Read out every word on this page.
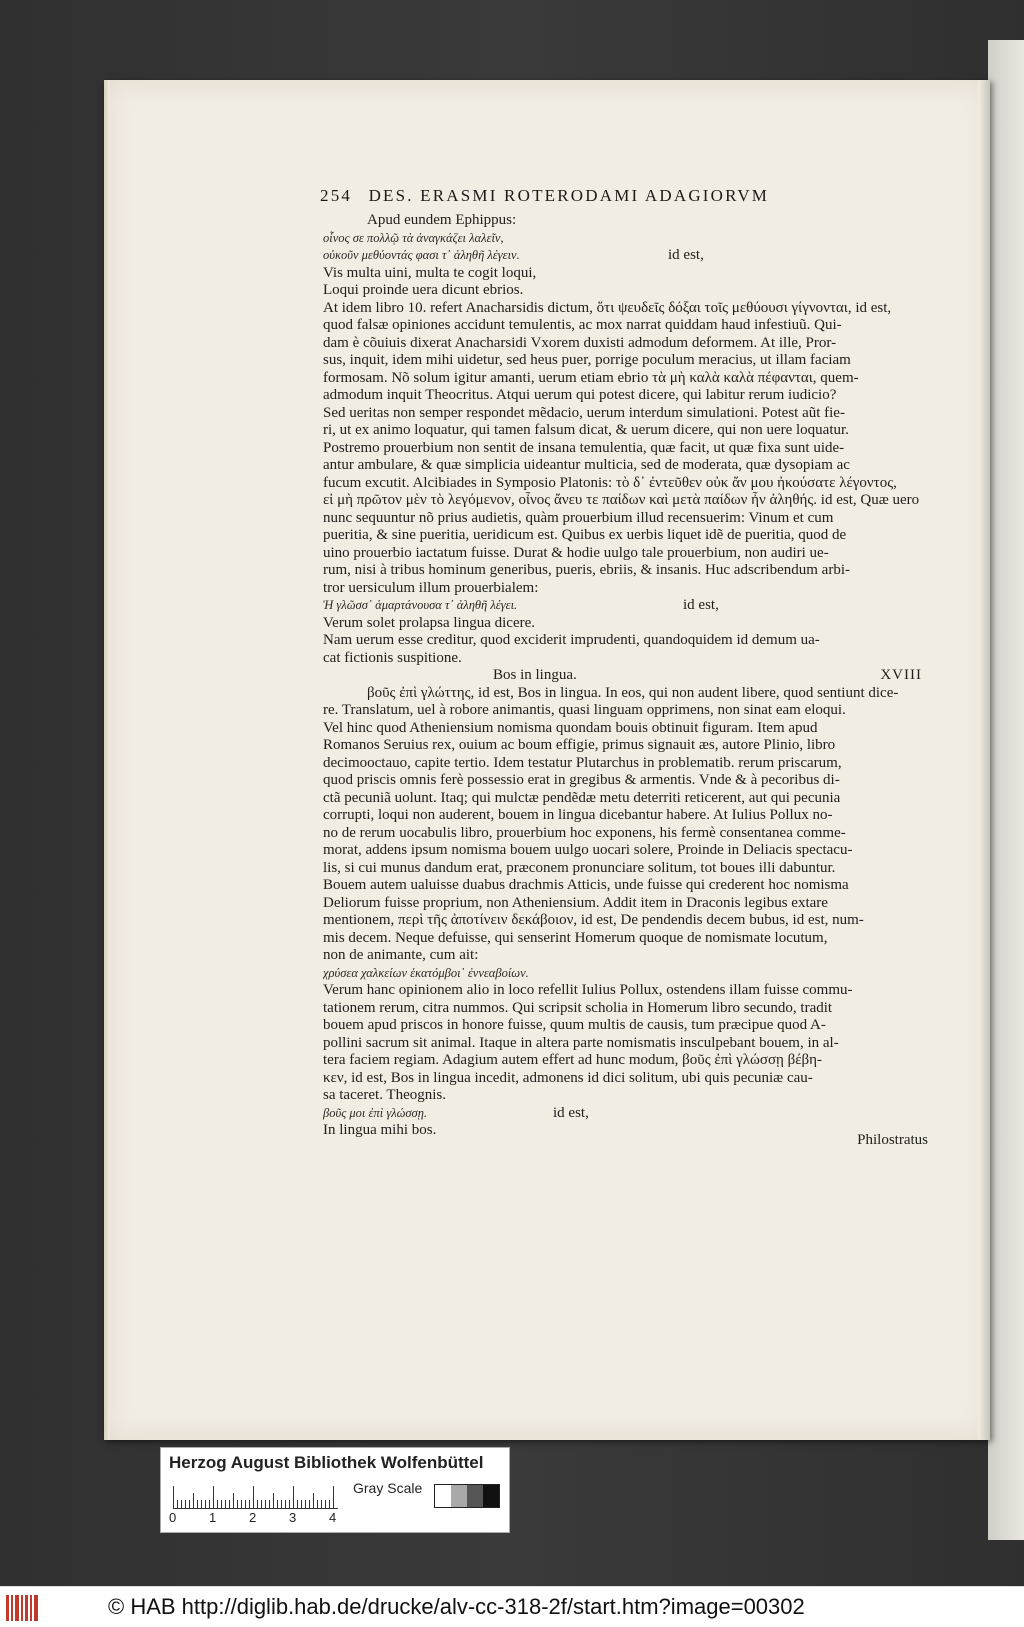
254 DES. ERASMI ROTERODAMI ADAGIORVM
Apud eundem Ephippus:
οἶνος σε πολλῷ τὰ ἀναγκάζει λαλεῖν,
οὐκοῦν μεθύοντάς φασι τ᾿ ἀληθῆ λέγειν.	id est,
Vis multa uini, multa te cogit loqui,
Loqui proinde uera dicunt ebrios.
At idem libro 10. refert Anacharsidis dictum, ὅτι ψευδεῖς δόξαι τοῖς μεθύουσι γίγνονται, id est,
quod falsæ opiniones accidunt temulentis, ac mox narrat quiddam haud infestiuũ. Qui-
dam è cõuiuis dixerat Anacharsidi Vxorem duxisti admodum deformem. At ille, Pror-
sus, inquit, idem mihi uidetur, sed heus puer, porrige poculum meracius, ut illam faciam
formosam. Nõ solum igitur amanti, uerum etiam ebrio τὰ μὴ καλὰ καλὰ πέφανται, quem-
admodum inquit Theocritus. Atqui uerum qui potest dicere, qui labitur rerum iudicio?
Sed ueritas non semper respondet mẽdacio, uerum interdum simulationi. Potest aũt fie-
ri, ut ex animo loquatur, qui tamen falsum dicat, & uerum dicere, qui non uere loquatur.
Postremo prouerbium non sentit de insana temulentia, quæ facit, ut quæ fixa sunt uide-
antur ambulare, & quæ simplicia uideantur multicia, sed de moderata, quæ dysopiam ac
fucum excutit. Alcibiades in Symposio Platonis: τὸ δ᾿ ἐντεῦθεν οὐκ ἄν μου ἠκούσατε λέγοντος,
εἰ μὴ πρῶτον μὲν τὸ λεγόμενον, οἶνος ἄνευ τε παίδων καὶ μετὰ παίδων ἦν ἀληθής. id est, Quæ uero
nunc sequuntur nõ prius audietis, quàm prouerbium illud recensuerim: Vinum et cum
pueritia, & sine pueritia, ueridicum est. Quibus ex uerbis liquet idẽ de pueritia, quod de
uino prouerbio iactatum fuisse. Durat & hodie uulgo tale prouerbium, non audiri ue-
rum, nisi à tribus hominum generibus, pueris, ebriis, & insanis. Huc adscribendum arbi-
tror uersiculum illum prouerbialem:
Ἡ γλῶσσ᾿ ἁμαρτάνουσα τ᾿ ἀληθῆ λέγει.	id est,
Verum solet prolapsa lingua dicere.
Nam uerum esse creditur, quod exciderit imprudenti, quandoquidem id demum ua-
cat fictionis suspitione.
Bos in lingua.	XVIII
βοῦς ἐπὶ γλώττης, id est, Bos in lingua. In eos, qui non audent libere, quod sentiunt dice-
re. Translatum, uel à robore animantis, quasi linguam opprimens, non sinat eam eloqui.
Vel hinc quod Atheniensium nomisma quondam bouis obtinuit figuram. Item apud
Romanos Seruius rex, ouium ac boum effigie, primus signauit æs, autore Plinio, libro
decimooctauo, capite tertio. Idem testatur Plutarchus in problematib. rerum priscarum,
quod priscis omnis ferè possessio erat in gregibus & armentis. Vnde & à pecoribus di-
ctã pecuniã uolunt. Itaq; qui mulctæ pendẽdæ metu deterriti reticerent, aut qui pecunia
corrupti, loqui non auderent, bouem in lingua dicebantur habere. At Iulius Pollux no-
no de rerum uocabulis libro, prouerbium hoc exponens, his fermè consentanea comme-
morat, addens ipsum nomisma bouem uulgo uocari solere, Proinde in Deliacis spectacu-
lis, si cui munus dandum erat, præconem pronunciare solitum, tot boues illi dabuntur.
Bouem autem ualuisse duabus drachmis Atticis, unde fuisse qui crederent hoc nomisma
Deliorum fuisse proprium, non Atheniensium. Addit item in Draconis legibus extare
mentionem, περὶ τῆς ἀποτίνειν δεκάβοιον, id est, De pendendis decem bubus, id est, num-
mis decem. Neque defuisse, qui senserint Homerum quoque de nomismate locutum,
non de animante, cum ait:
χρύσεα χαλκείων ἑκατόμβοι᾿ ἐννεαβοίων.
Verum hanc opinionem alio in loco refellit Iulius Pollux, ostendens illam fuisse commu-
tationem rerum, citra nummos. Qui scripsit scholia in Homerum libro secundo, tradit
bouem apud priscos in honore fuisse, quum multis de causis, tum præcipue quod A-
pollini sacrum sit animal. Itaque in altera parte nomismatis insculpebant bouem, in al-
tera faciem regiam. Adagium autem effert ad hunc modum, βοῦς ἐπὶ γλώσσῃ βέβη-
κεν, id est, Bos in lingua incedit, admonens id dici solitum, ubi quis pecuniæ cau-
sa taceret. Theognis.
βοῦς μοι ἐπὶ γλώσσῃ.	id est,
In lingua mihi bos.
Philostratus
Herzog August Bibliothek Wolfenbüttel
0	1	2	3	4
Gray Scale
© HAB http://diglib.hab.de/drucke/alv-cc-318-2f/start.htm?image=00302
